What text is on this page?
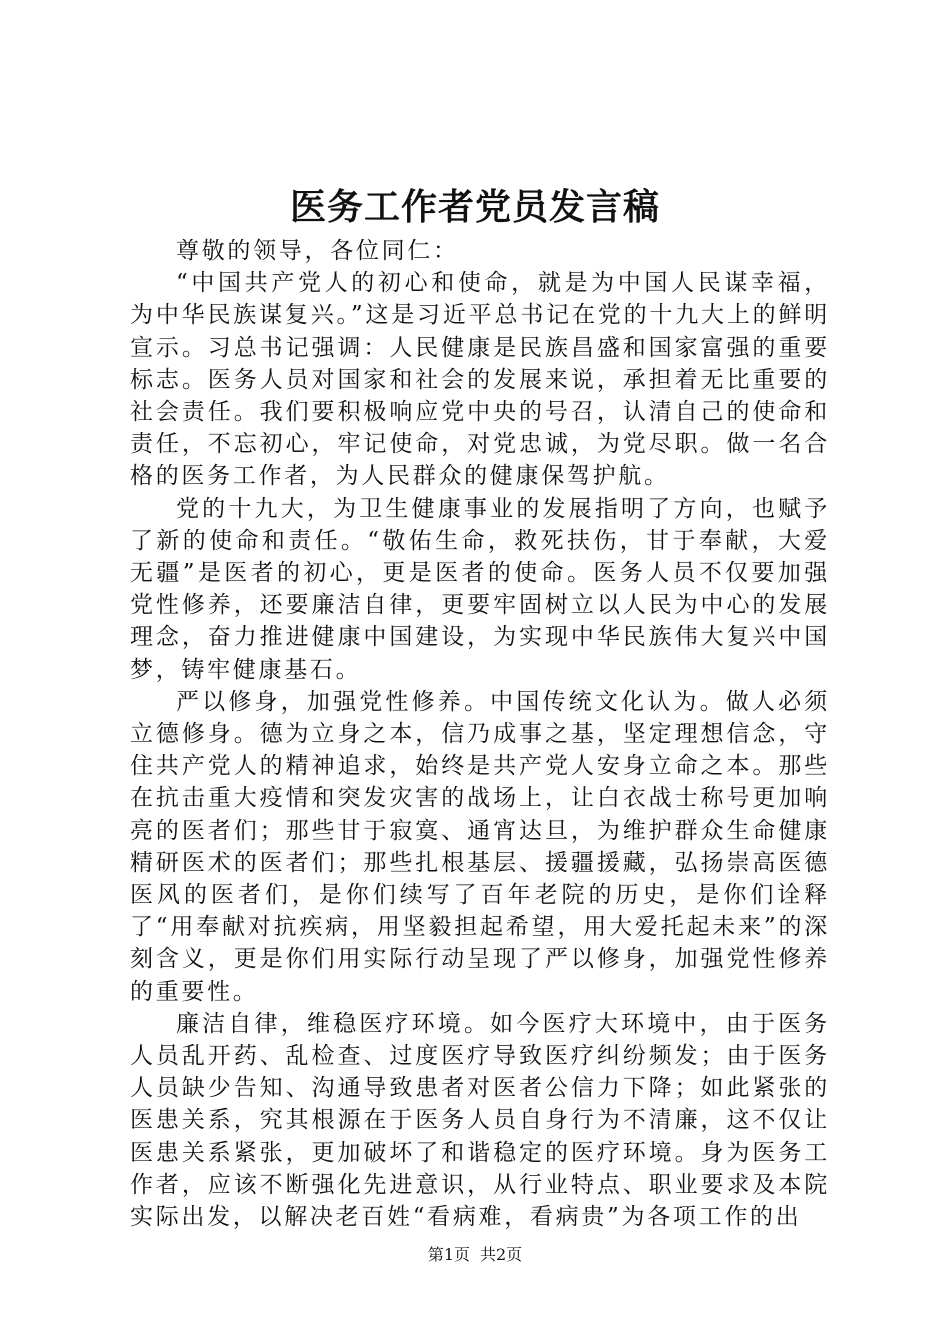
医务工作者党员发言稿

尊敬的领导，各位同仁：

“中国共产党人的初心和使命，就是为中国人民谋幸福，为中华民族谋复兴。”这是习近平总书记在党的十九大上的鲜明宣示。习总书记强调：人民健康是民族昌盛和国家富强的重要标志。医务人员对国家和社会的发展来说，承担着无比重要的社会责任。我们要积极响应党中央的号召，认清自己的使命和责任，不忘初心，牢记使命，对党忠诚，为党尽职。做一名合格的医务工作者，为人民群众的健康保驾护航。

党的十九大，为卫生健康事业的发展指明了方向，也赋予了新的使命和责任。“敬佑生命，救死扶伤，甘于奉献，大爱无疆”是医者的初心，更是医者的使命。医务人员不仅要加强党性修养，还要廉洁自律，更要牢固树立以人民为中心的发展理念，奋力推进健康中国建设，为实现中华民族伟大复兴中国梦，铸牢健康基石。

严以修身，加强党性修养。中国传统文化认为。做人必须立德修身。德为立身之本，信乃成事之基，坚定理想信念，守住共产党人的精神追求，始终是共产党人安身立命之本。那些在抗击重大疫情和突发灾害的战场上，让白衣战士称号更加响亮的医者们；那些甘于寂寞、通宵达旦，为维护群众生命健康精研医术的医者们；那些扎根基层、援疆援藏，弘扬崇高医德医风的医者们，是你们续写了百年老院的历史，是你们诠释了“用奉献对抗疾病，用坚毅担起希望，用大爱托起未来”的深刻含义，更是你们用实际行动呈现了严以修身，加强党性修养的重要性。

廉洁自律，维稳医疗环境。如今医疗大环境中，由于医务人员乱开药、乱检查、过度医疗导致医疗纠纷频发；由于医务人员缺少告知、沟通导致患者对医者公信力下降；如此紧张的医患关系，究其根源在于医务人员自身行为不清廉，这不仅让医患关系紧张，更加破坏了和谐稳定的医疗环境。身为医务工作者，应该不断强化先进意识，从行业特点、职业要求及本院实际出发，以解决老百姓“看病难，看病贵”为各项工作的出

第1页 共2页
